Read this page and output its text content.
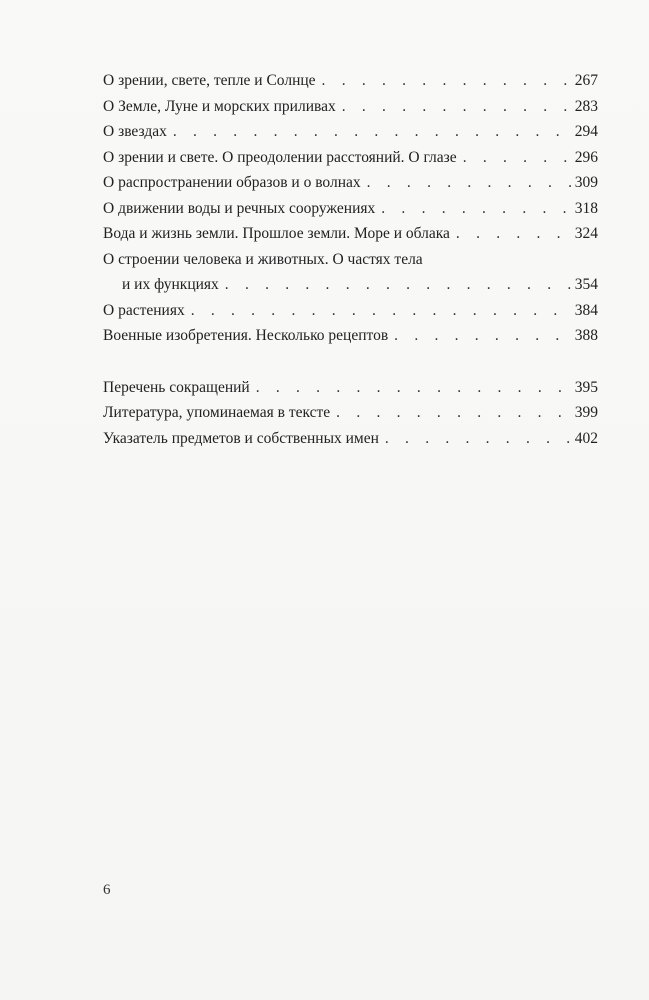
О зрении, свете, тепле и Солнце . . .	267
О Земле, Луне и морских приливах . . .	283
О звездах . . .	294
О зрении и свете. О преодолении расстояний. О глазе . . .	296
О распространении образов и о волнах . . .	309
О движении воды и речных сооружениях . . .	318
Вода и жизнь земли. Прошлое земли. Море и облака . . .	324
О строении человека и животных. О частях тела
и их функциях . . .	354
О растениях . . .	384
Военные изобретения. Несколько рецептов . . .	388
Перечень сокращений . . .	395
Литература, упоминаемая в тексте . . .	399
Указатель предметов и собственных имен . . .	402
6
